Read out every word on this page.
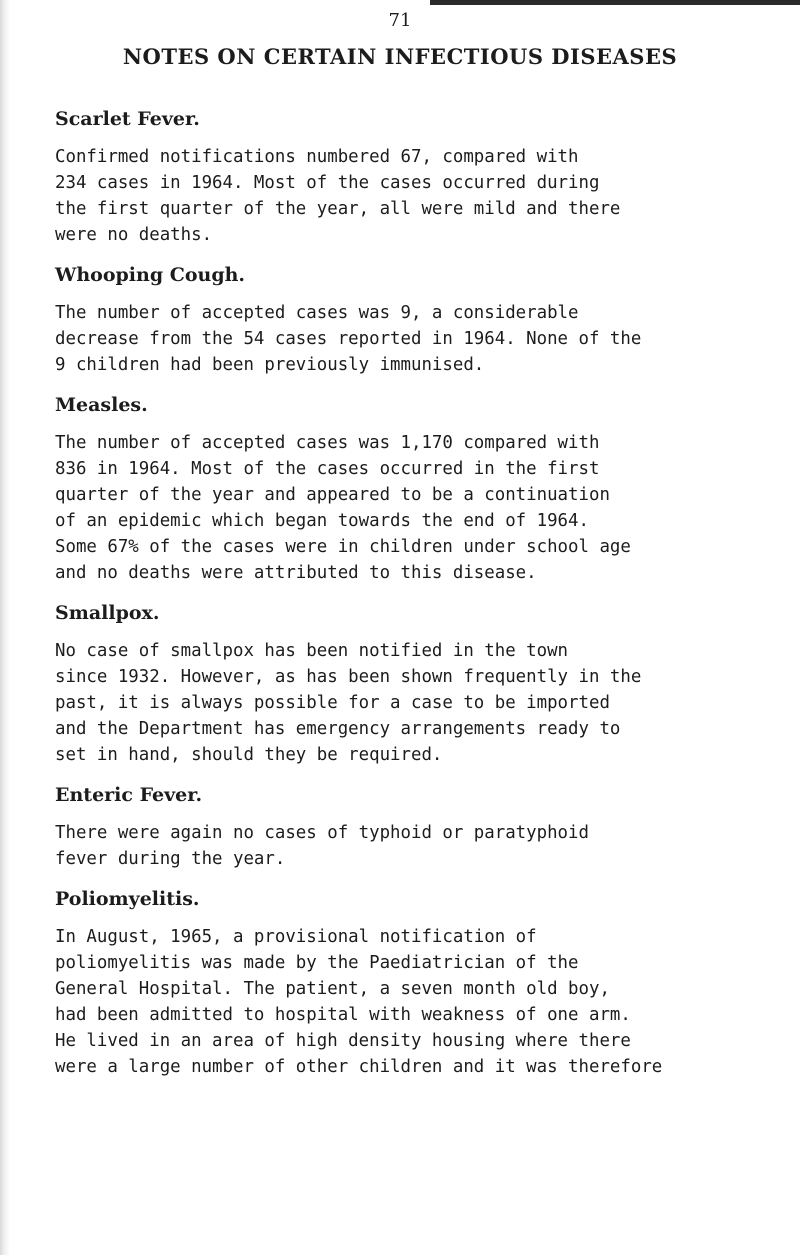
71
NOTES ON CERTAIN INFECTIOUS DISEASES
Scarlet Fever.

Confirmed notifications numbered 67, compared with
234 cases in 1964. Most of the cases occurred during
the first quarter of the year, all were mild and there
were no deaths.

Whooping Cough.

The number of accepted cases was 9, a considerable
decrease from the 54 cases reported in 1964. None of the
9 children had been previously immunised.

Measles.

The number of accepted cases was 1,170 compared with
836 in 1964. Most of the cases occurred in the first
quarter of the year and appeared to be a continuation
of an epidemic which began towards the end of 1964.
Some 67% of the cases were in children under school age
and no deaths were attributed to this disease.

Smallpox.

No case of smallpox has been notified in the town
since 1932. However, as has been shown frequently in the
past, it is always possible for a case to be imported
and the Department has emergency arrangements ready to
set in hand, should they be required.

Enteric Fever.

There were again no cases of typhoid or paratyphoid
fever during the year.

Poliomyelitis.

In August, 1965, a provisional notification of
poliomyelitis was made by the Paediatrician of the
General Hospital. The patient, a seven month old boy,
had been admitted to hospital with weakness of one arm.
He lived in an area of high density housing where there
were a large number of other children and it was therefore
